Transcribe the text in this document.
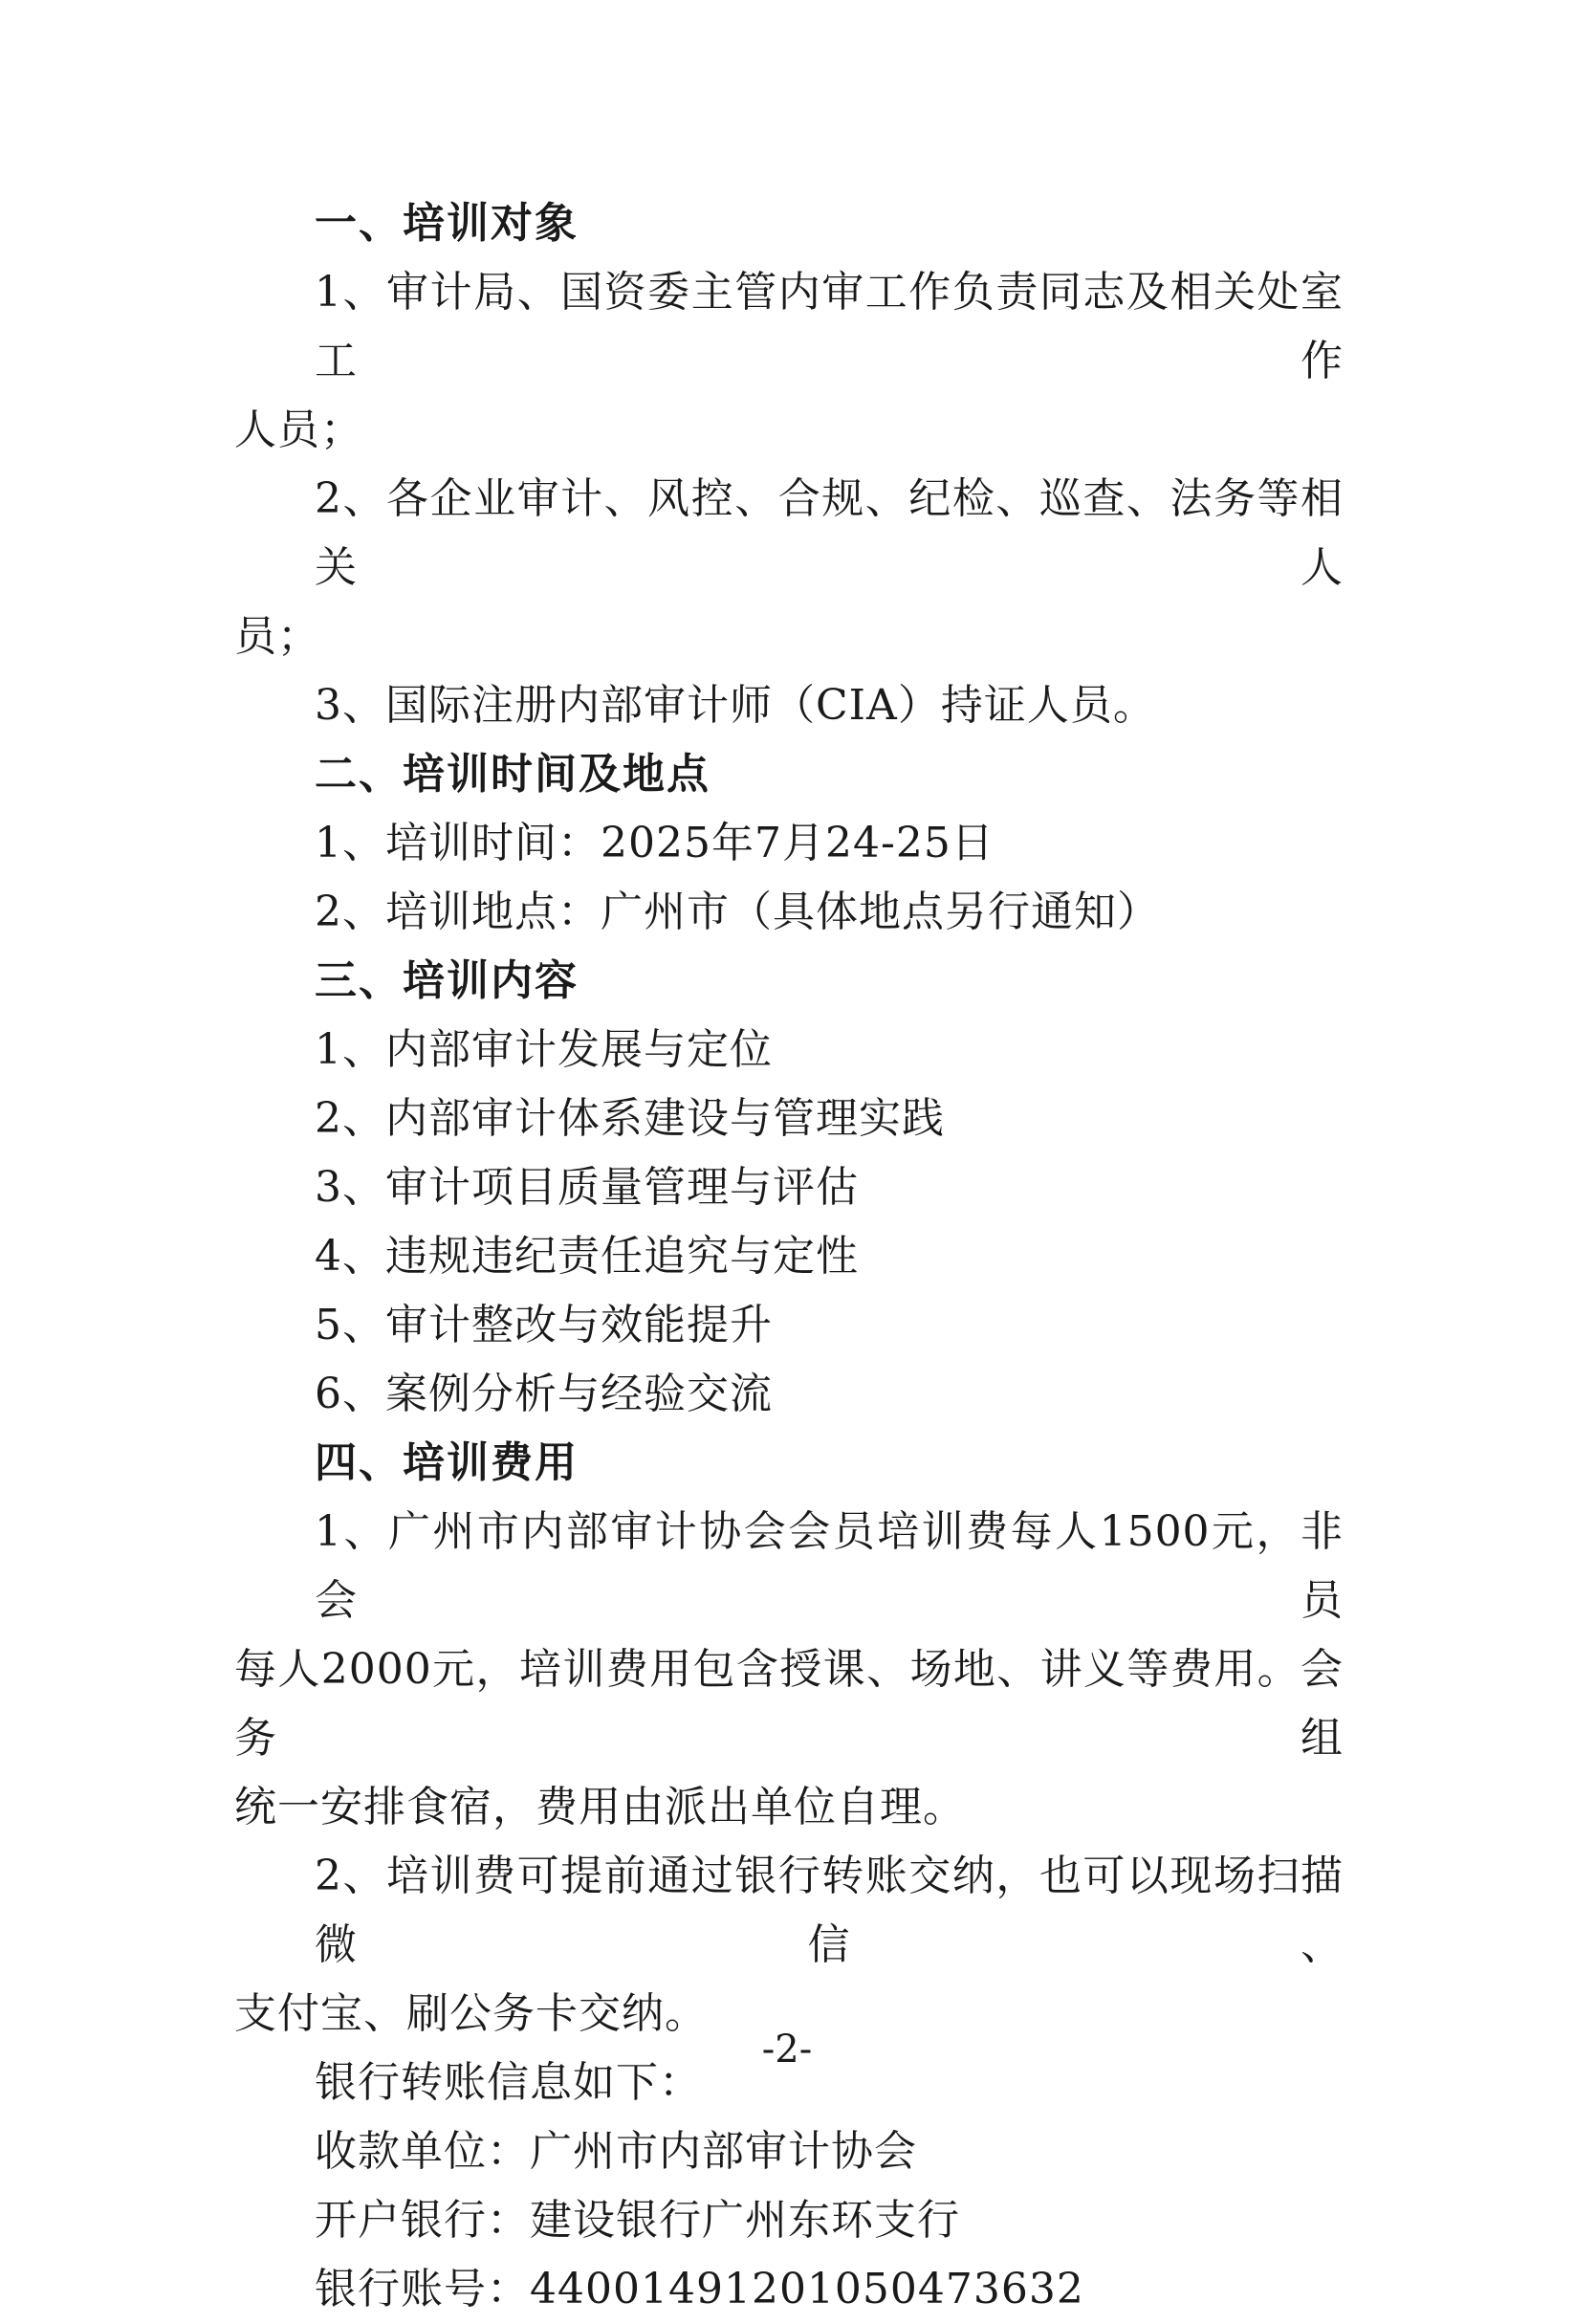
一、培训对象
1、审计局、国资委主管内审工作负责同志及相关处室工作
人员；
2、各企业审计、风控、合规、纪检、巡查、法务等相关人
员；
3、国际注册内部审计师（CIA）持证人员。
二、培训时间及地点
1、培训时间：2025年7月24-25日
2、培训地点：广州市（具体地点另行通知）
三、培训内容
1、内部审计发展与定位
2、内部审计体系建设与管理实践
3、审计项目质量管理与评估
4、违规违纪责任追究与定性
5、审计整改与效能提升
6、案例分析与经验交流
四、培训费用
1、广州市内部审计协会会员培训费每人1500元，非会员
每人2000元，培训费用包含授课、场地、讲义等费用。会务组
统一安排食宿，费用由派出单位自理。
2、培训费可提前通过银行转账交纳，也可以现场扫描微信、
支付宝、刷公务卡交纳。
银行转账信息如下：
收款单位：广州市内部审计协会
开户银行：建设银行广州东环支行
银行账号：44001491201050473632
-2-
